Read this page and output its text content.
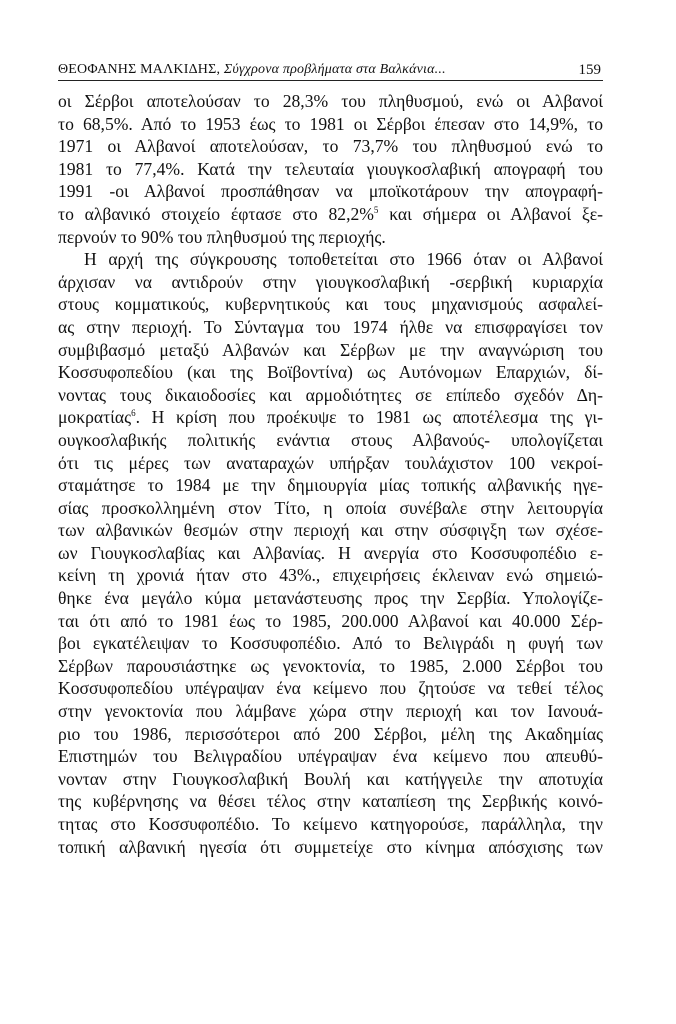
ΘΕΟΦΑΝΗΣ ΜΑΛΚΙΔΗΣ, Σύγχρονα προβλήματα στα Βαλκάνια...	159
οι Σέρβοι αποτελούσαν το 28,3% του πληθυσμού, ενώ οι Αλβανοί
το 68,5%. Από το 1953 έως το 1981 οι Σέρβοι έπεσαν στο 14,9%, το
1971 οι Αλβανοί αποτελούσαν, το 73,7% του πληθυσμού ενώ το
1981 το 77,4%. Κατά την τελευταία γιουγκοσλαβική απογραφή του
1991 -οι Αλβανοί προσπάθησαν να μποϊκοτάρουν την απογραφή-
το αλβανικό στοιχείο έφτασε στο 82,2%$^5$ και σήμερα οι Αλβανοί ξε-
περνούν το 90% του πληθυσμού της περιοχής.
Η αρχή της σύγκρουσης τοποθετείται στο 1966 όταν οι Αλβανοί
άρχισαν να αντιδρούν στην γιουγκοσλαβική -σερβική κυριαρχία
στους κομματικούς, κυβερνητικούς και τους μηχανισμούς ασφαλεί-
ας στην περιοχή. Το Σύνταγμα του 1974 ήλθε να επισφραγίσει τον
συμβιβασμό μεταξύ Αλβανών και Σέρβων με την αναγνώριση του
Κοσσυφοπεδίου (και της Βοϊβοντίνα) ως Αυτόνομων Επαρχιών, δί-
νοντας τους δικαιοδοσίες και αρμοδιότητες σε επίπεδο σχεδόν Δη-
μοκρατίας$^6$. Η κρίση που προέκυψε το 1981 ως αποτέλεσμα της γι-
ουγκοσλαβικής πολιτικής ενάντια στους Αλβανούς- υπολογίζεται
ότι τις μέρες των αναταραχών υπήρξαν τουλάχιστον 100 νεκροί-
σταμάτησε το 1984 με την δημιουργία μίας τοπικής αλβανικής ηγε-
σίας προσκολλημένη στον Τίτο, η οποία συνέβαλε στην λειτουργία
των αλβανικών θεσμών στην περιοχή και στην σύσφιγξη των σχέσε-
ων Γιουγκοσλαβίας και Αλβανίας. Η ανεργία στο Κοσσυφοπέδιο ε-
κείνη τη χρονιά ήταν στο 43%., επιχειρήσεις έκλειναν ενώ σημειώ-
θηκε ένα μεγάλο κύμα μετανάστευσης προς την Σερβία. Υπολογίζε-
ται ότι από το 1981 έως το 1985, 200.000 Αλβανοί και 40.000 Σέρ-
βοι εγκατέλειψαν το Κοσσυφοπέδιο. Από το Βελιγράδι η φυγή των
Σέρβων παρουσιάστηκε ως γενοκτονία, το 1985, 2.000 Σέρβοι του
Κοσσυφοπεδίου υπέγραψαν ένα κείμενο που ζητούσε να τεθεί τέλος
στην γενοκτονία που λάμβανε χώρα στην περιοχή και τον Ιανουά-
ριο του 1986, περισσότεροι από 200 Σέρβοι, μέλη της Ακαδημίας
Επιστημών του Βελιγραδίου υπέγραψαν ένα κείμενο που απευθύ-
νονταν στην Γιουγκοσλαβική Βουλή και κατήγγειλε την αποτυχία
της κυβέρνησης να θέσει τέλος στην καταπίεση της Σερβικής κοινό-
τητας στο Κοσσυφοπέδιο. Το κείμενο κατηγορούσε, παράλληλα, την
τοπική αλβανική ηγεσία ότι συμμετείχε στο κίνημα απόσχισης των
